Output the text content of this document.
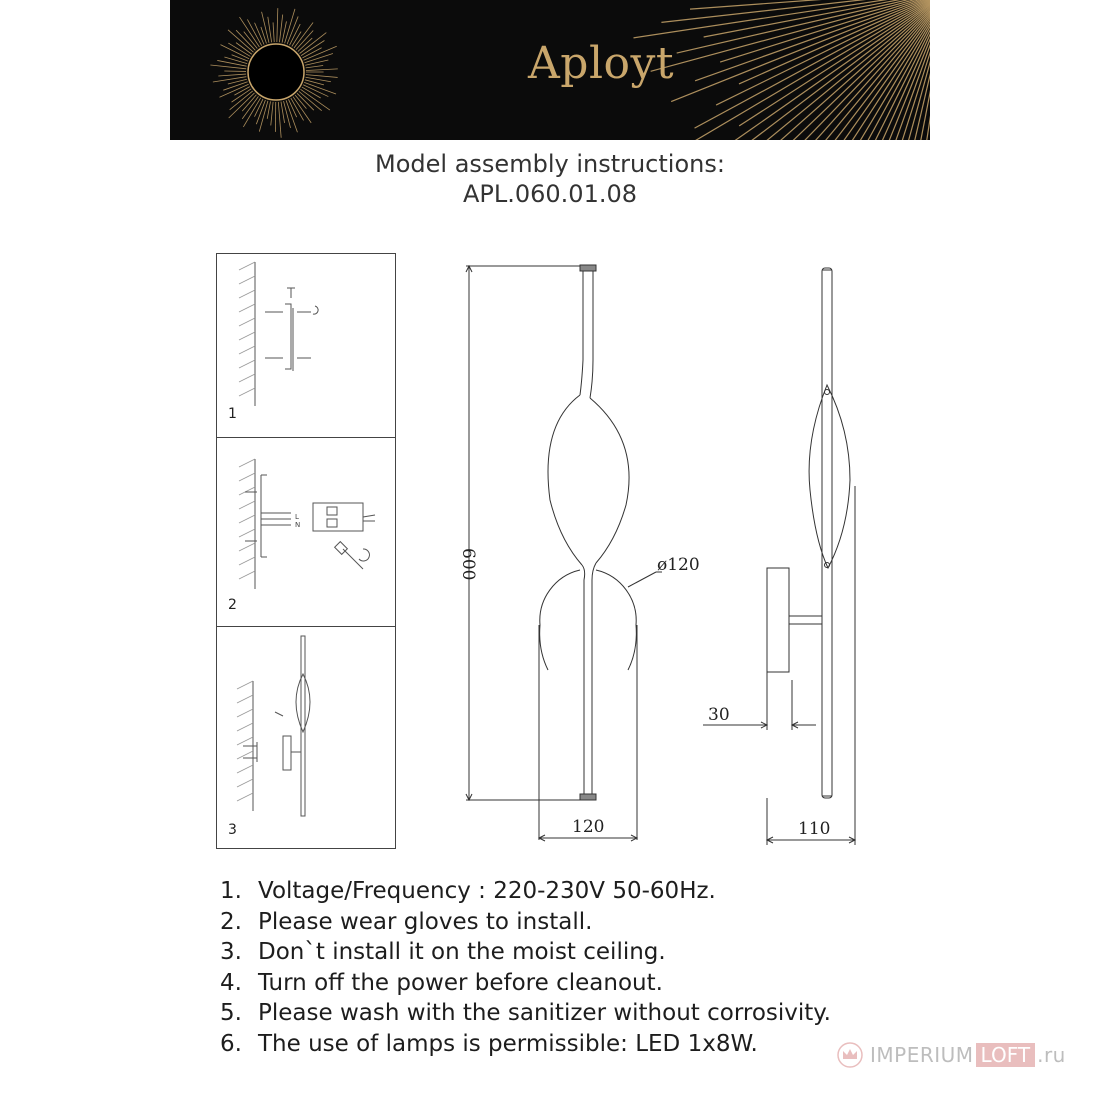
Aployt
Model assembly instructions:
APL.060.01.08
1
L
N
2
3
600	ø120
120
30
110
1. Voltage/Frequency : 220-230V 50-60Hz.
2. Please wear gloves to install.
3. Don`t install it on the moist ceiling.
4. Turn off the power before cleanout.
5. Please wash with the sanitizer without corrosivity.
6. The use of lamps is permissible: LED 1x8W.	IMPERIUM LOFT .ru
